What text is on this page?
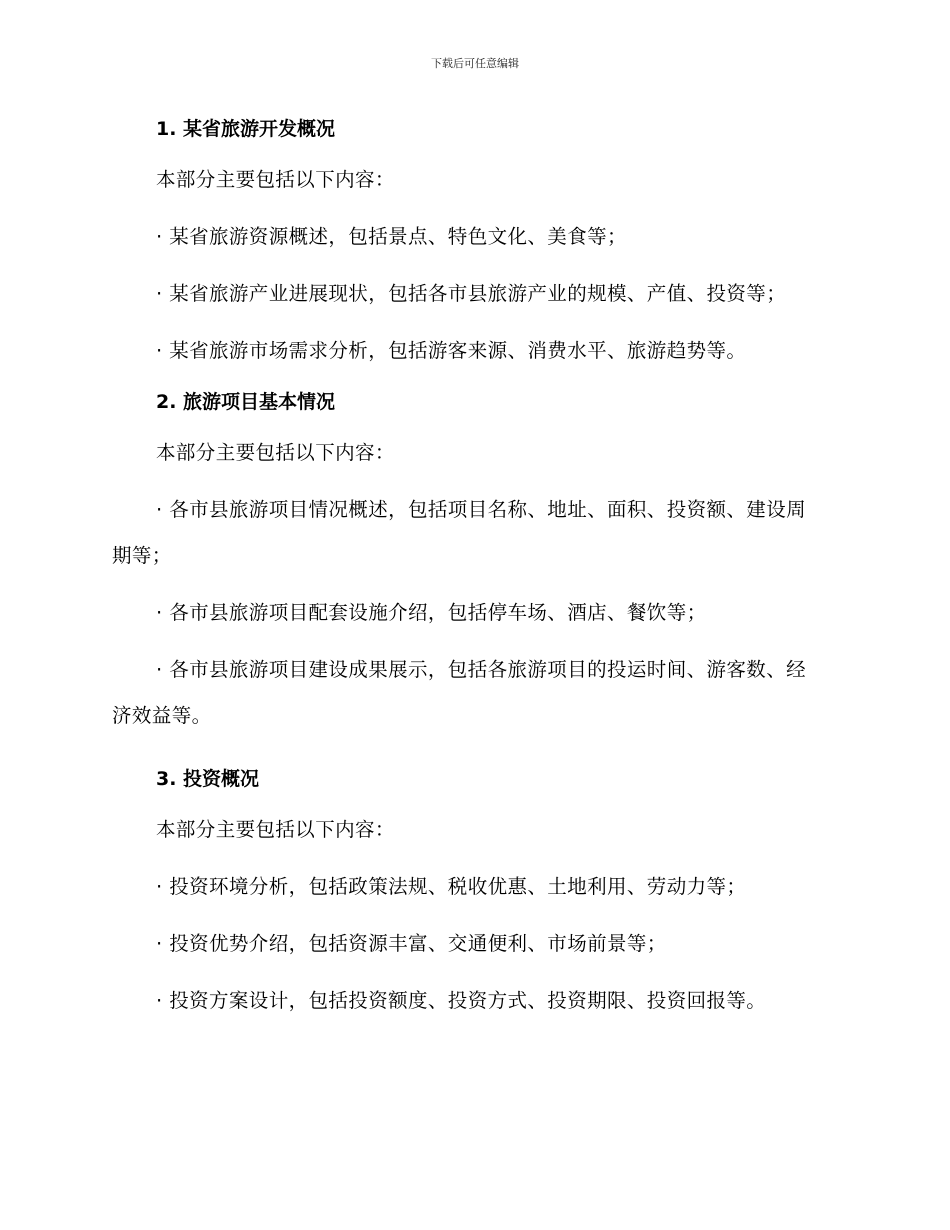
下载后可任意编辑
1. 某省旅游开发概况

本部分主要包括以下内容：

· 某省旅游资源概述，包括景点、特色文化、美食等；

· 某省旅游产业进展现状，包括各市县旅游产业的规模、产值、投资等；

· 某省旅游市场需求分析，包括游客来源、消费水平、旅游趋势等。

2. 旅游项目基本情况

本部分主要包括以下内容：

· 各市县旅游项目情况概述，包括项目名称、地址、面积、投资额、建设周期等；

· 各市县旅游项目配套设施介绍，包括停车场、酒店、餐饮等；

· 各市县旅游项目建设成果展示，包括各旅游项目的投运时间、游客数、经济效益等。

3. 投资概况

本部分主要包括以下内容：

· 投资环境分析，包括政策法规、税收优惠、土地利用、劳动力等；

· 投资优势介绍，包括资源丰富、交通便利、市场前景等；

· 投资方案设计，包括投资额度、投资方式、投资期限、投资回报等。
